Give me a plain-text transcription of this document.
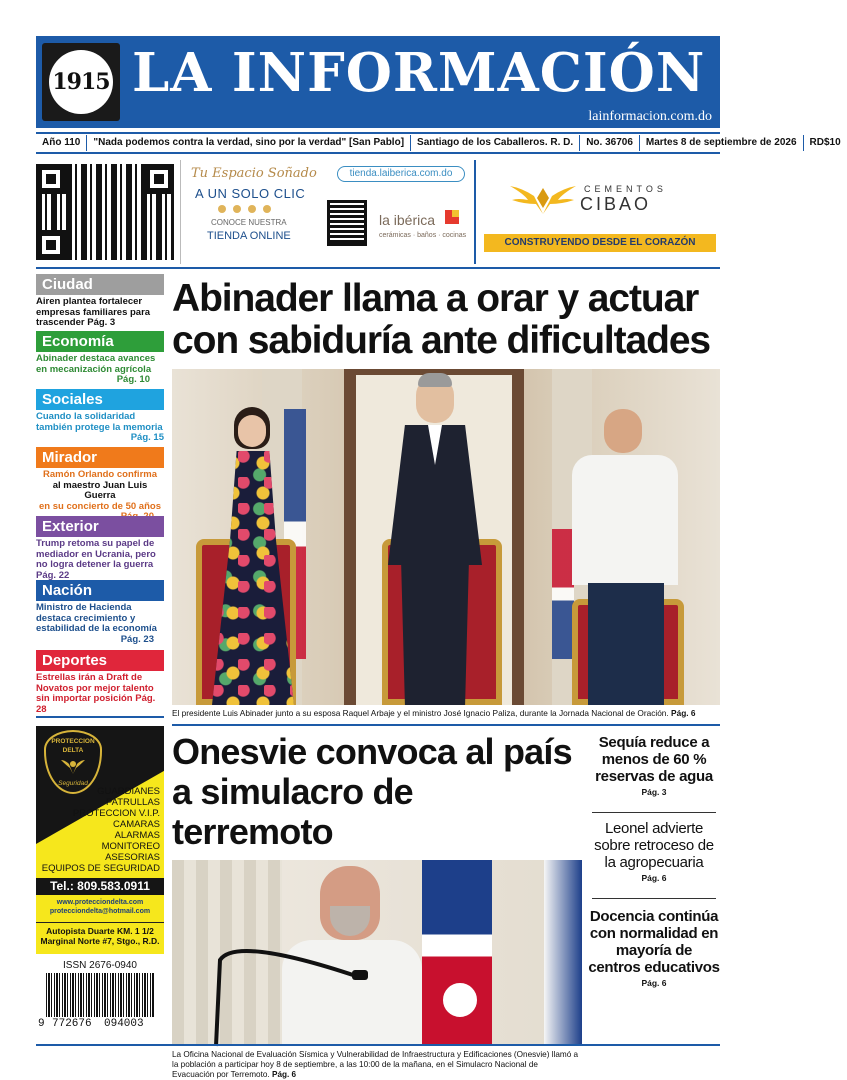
1915 LA INFORMACIÓN
lainformacion.com.do
Año 110	"Nada podemos contra la verdad, sino por la verdad" [San Pablo]	Santiago de los Caballeros. R. D.	No. 36706	Martes 8 de septiembre de 2026	RD$10
Tu Espacio Soñado
A UN SOLO CLIC
CONOCE NUESTRA
TIENDA ONLINE
tienda.laiberica.com.do
la ibérica
cerámicas · baños · cocinas
CEMENTOS
CIBAO
CONSTRUYENDO DESDE EL CORAZÓN
Ciudad
Airen plantea fortalecer empresas familiares para trascender Pág. 3
Economía
Abinader destaca avances en mecanización agrícola
Pág. 10
Sociales
Cuando la solidaridad también protege la memoria
Pág. 15
Mirador
Ramón Orlando confirma
al maestro Juan Luis Guerra
en su concierto de 50 años
Exterior
Trump retoma su papel de mediador en Ucrania, pero no logra detener la guerra Pág. 22
Nación
Ministro de Hacienda destaca crecimiento y estabilidad de la economía
Pág. 23
Deportes
Estrellas irán a Draft de Novatos por mejor talento sin importar posición Pág. 28
PROTECCION
DELTA
Seguridad
GUARDIANES
PATRULLAS
PROTECCION V.I.P.
CAMARAS
ALARMAS
MONITOREO
ASESORIAS
EQUIPOS DE SEGURIDAD
Tel.: 809.583.0911
www.protecciondelta.com
protecciondelta@hotmail.com
Autopista Duarte KM. 1 1/2
Marginal Norte #7, Stgo., R.D.
ISSN 2676-0940
9 772676 094003
Abinader llama a orar y actuar
con sabiduría ante dificultades
El presidente Luis Abinader junto a su esposa Raquel Arbaje y el ministro José Ignacio Paliza, durante la Jornada Nacional de Oración. Pág. 6
Onesvie convoca al país
a simulacro de terremoto
La Oficina Nacional de Evaluación Sísmica y Vulnerabilidad de Infraestructura y Edificaciones (Onesvie) llamó a la población a participar hoy 8 de septiembre, a las 10:00 de la mañana, en el Simulacro Nacional de Evacuación por Terremoto. Pág. 6
Sequía reduce a menos de 60 % reservas de agua
Pág. 3
Leonel advierte sobre retroceso de la agropecuaria
Pág. 6
Docencia continúa con normalidad en mayoría de centros educativos
Pág. 6
